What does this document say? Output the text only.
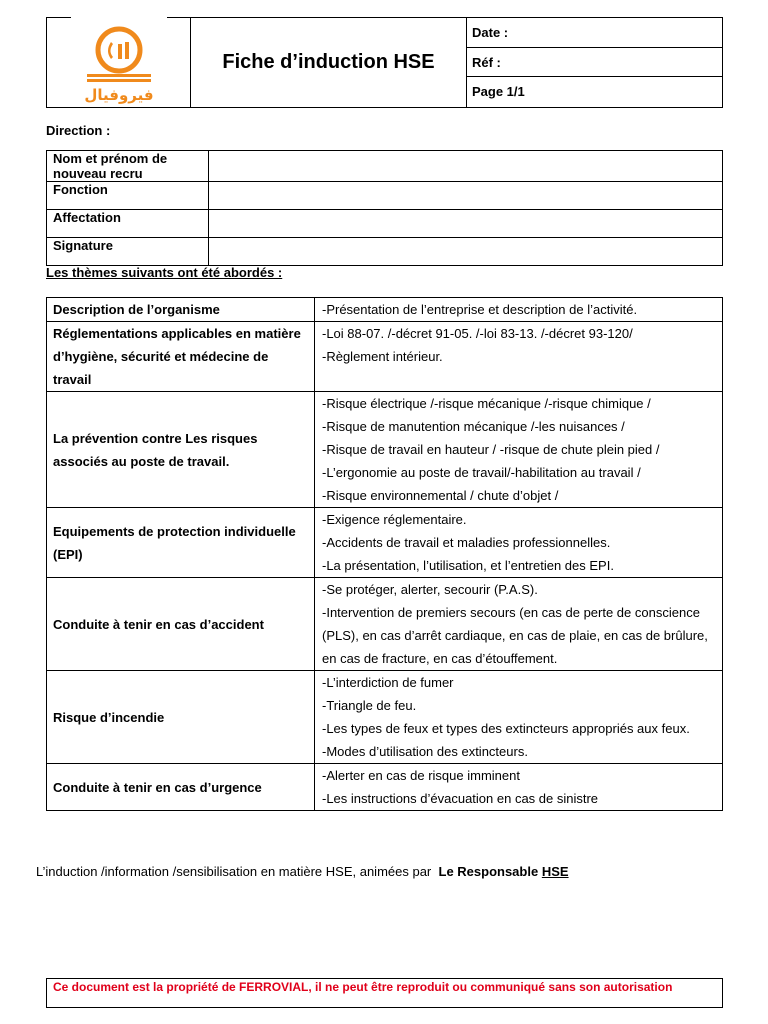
فيروفيال
Fiche d’induction HSE
Date :
Réf :
Page 1/1
Direction :
Nom et prénom de nouveau recru	
Fonction	
Affectation	
Signature	
Les thèmes suivants ont été abordés :
Description de l’organisme	-Présentation de l’entreprise et description de l’activité.

Réglementations applicables en matière d’hygiène, sécurité et médecine de travail	-Loi 88-07. /-décret 91-05. /-loi 83-13. /-décret 93-120/
-Règlement intérieur.

La prévention contre Les risques associés au poste de travail.	-Risque électrique /-risque mécanique /-risque chimique /
-Risque de manutention mécanique /-les nuisances /
-Risque de travail en hauteur / -risque de chute plein pied /
-L’ergonomie au poste de travail/-habilitation au travail /
-Risque environnemental / chute d’objet /

Equipements de protection individuelle (EPI)	-Exigence réglementaire.
-Accidents de travail et maladies professionnelles.
-La présentation, l’utilisation, et l’entretien des EPI.

Conduite à tenir en cas d’accident	-Se protéger, alerter, secourir (P.A.S).
-Intervention de premiers secours (en cas de perte de conscience (PLS), en cas d’arrêt cardiaque, en cas de plaie, en cas de brûlure, en cas de fracture, en cas d’étouffement.

Risque d’incendie	-L’interdiction de fumer
-Triangle de feu.
-Les types de feux et types des extincteurs appropriés aux feux.
-Modes d’utilisation des extincteurs.

Conduite à tenir en cas d’urgence	-Alerter en cas de risque imminent
-Les instructions d’évacuation en cas de sinistre
L’induction /information /sensibilisation en matière HSE, animées par Le Responsable HSE
Ce document est la propriété de FERROVIAL, il ne peut être reproduit ou communiqué sans son autorisation
